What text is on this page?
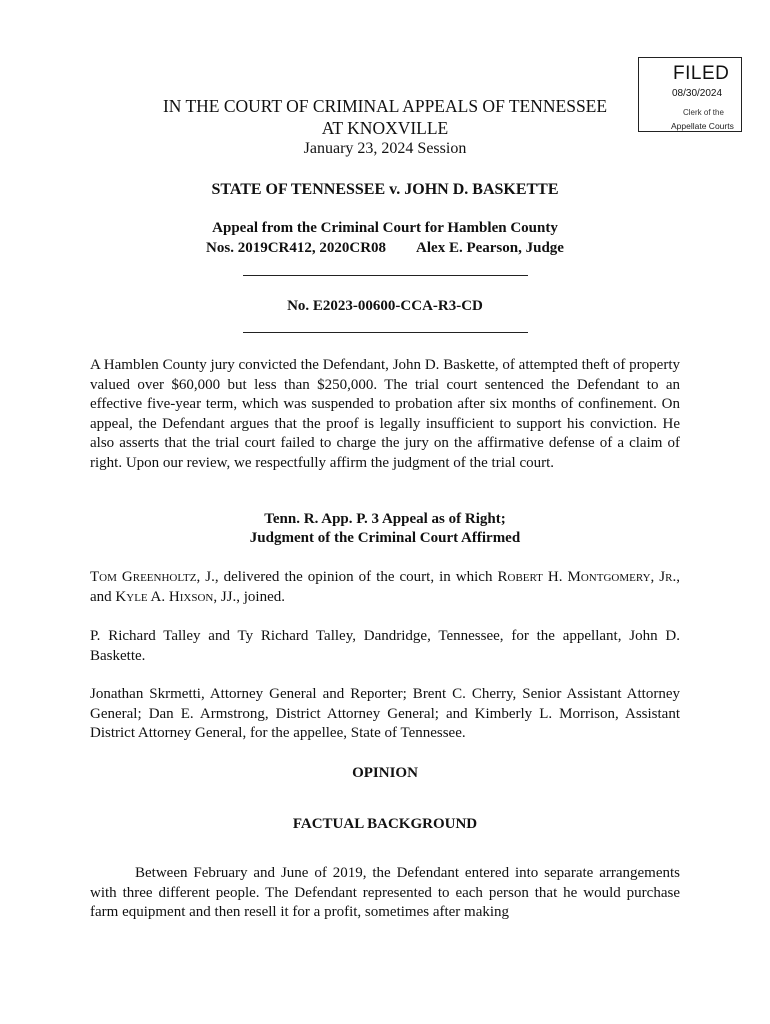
FILED
08/30/2024
Clerk of the
Appellate Courts
IN THE COURT OF CRIMINAL APPEALS OF TENNESSEE
AT KNOXVILLE
January 23, 2024 Session
STATE OF TENNESSEE v. JOHN D. BASKETTE
Appeal from the Criminal Court for Hamblen County
Nos. 2019CR412, 2020CR08 Alex E. Pearson, Judge
No. E2023-00600-CCA-R3-CD
A Hamblen County jury convicted the Defendant, John D. Baskette, of attempted theft of property valued over $60,000 but less than $250,000. The trial court sentenced the Defendant to an effective five-year term, which was suspended to probation after six months of confinement. On appeal, the Defendant argues that the proof is legally insufficient to support his conviction. He also asserts that the trial court failed to charge the jury on the affirmative defense of a claim of right. Upon our review, we respectfully affirm the judgment of the trial court.
Tenn. R. App. P. 3 Appeal as of Right;
Judgment of the Criminal Court Affirmed
Tom Greenholtz, J., delivered the opinion of the court, in which Robert H. Montgomery, Jr., and Kyle A. Hixson, JJ., joined.
P. Richard Talley and Ty Richard Talley, Dandridge, Tennessee, for the appellant, John D. Baskette.
Jonathan Skrmetti, Attorney General and Reporter; Brent C. Cherry, Senior Assistant Attorney General; Dan E. Armstrong, District Attorney General; and Kimberly L. Morrison, Assistant District Attorney General, for the appellee, State of Tennessee.
OPINION
FACTUAL BACKGROUND
Between February and June of 2019, the Defendant entered into separate arrangements with three different people. The Defendant represented to each person that he would purchase farm equipment and then resell it for a profit, sometimes after making
